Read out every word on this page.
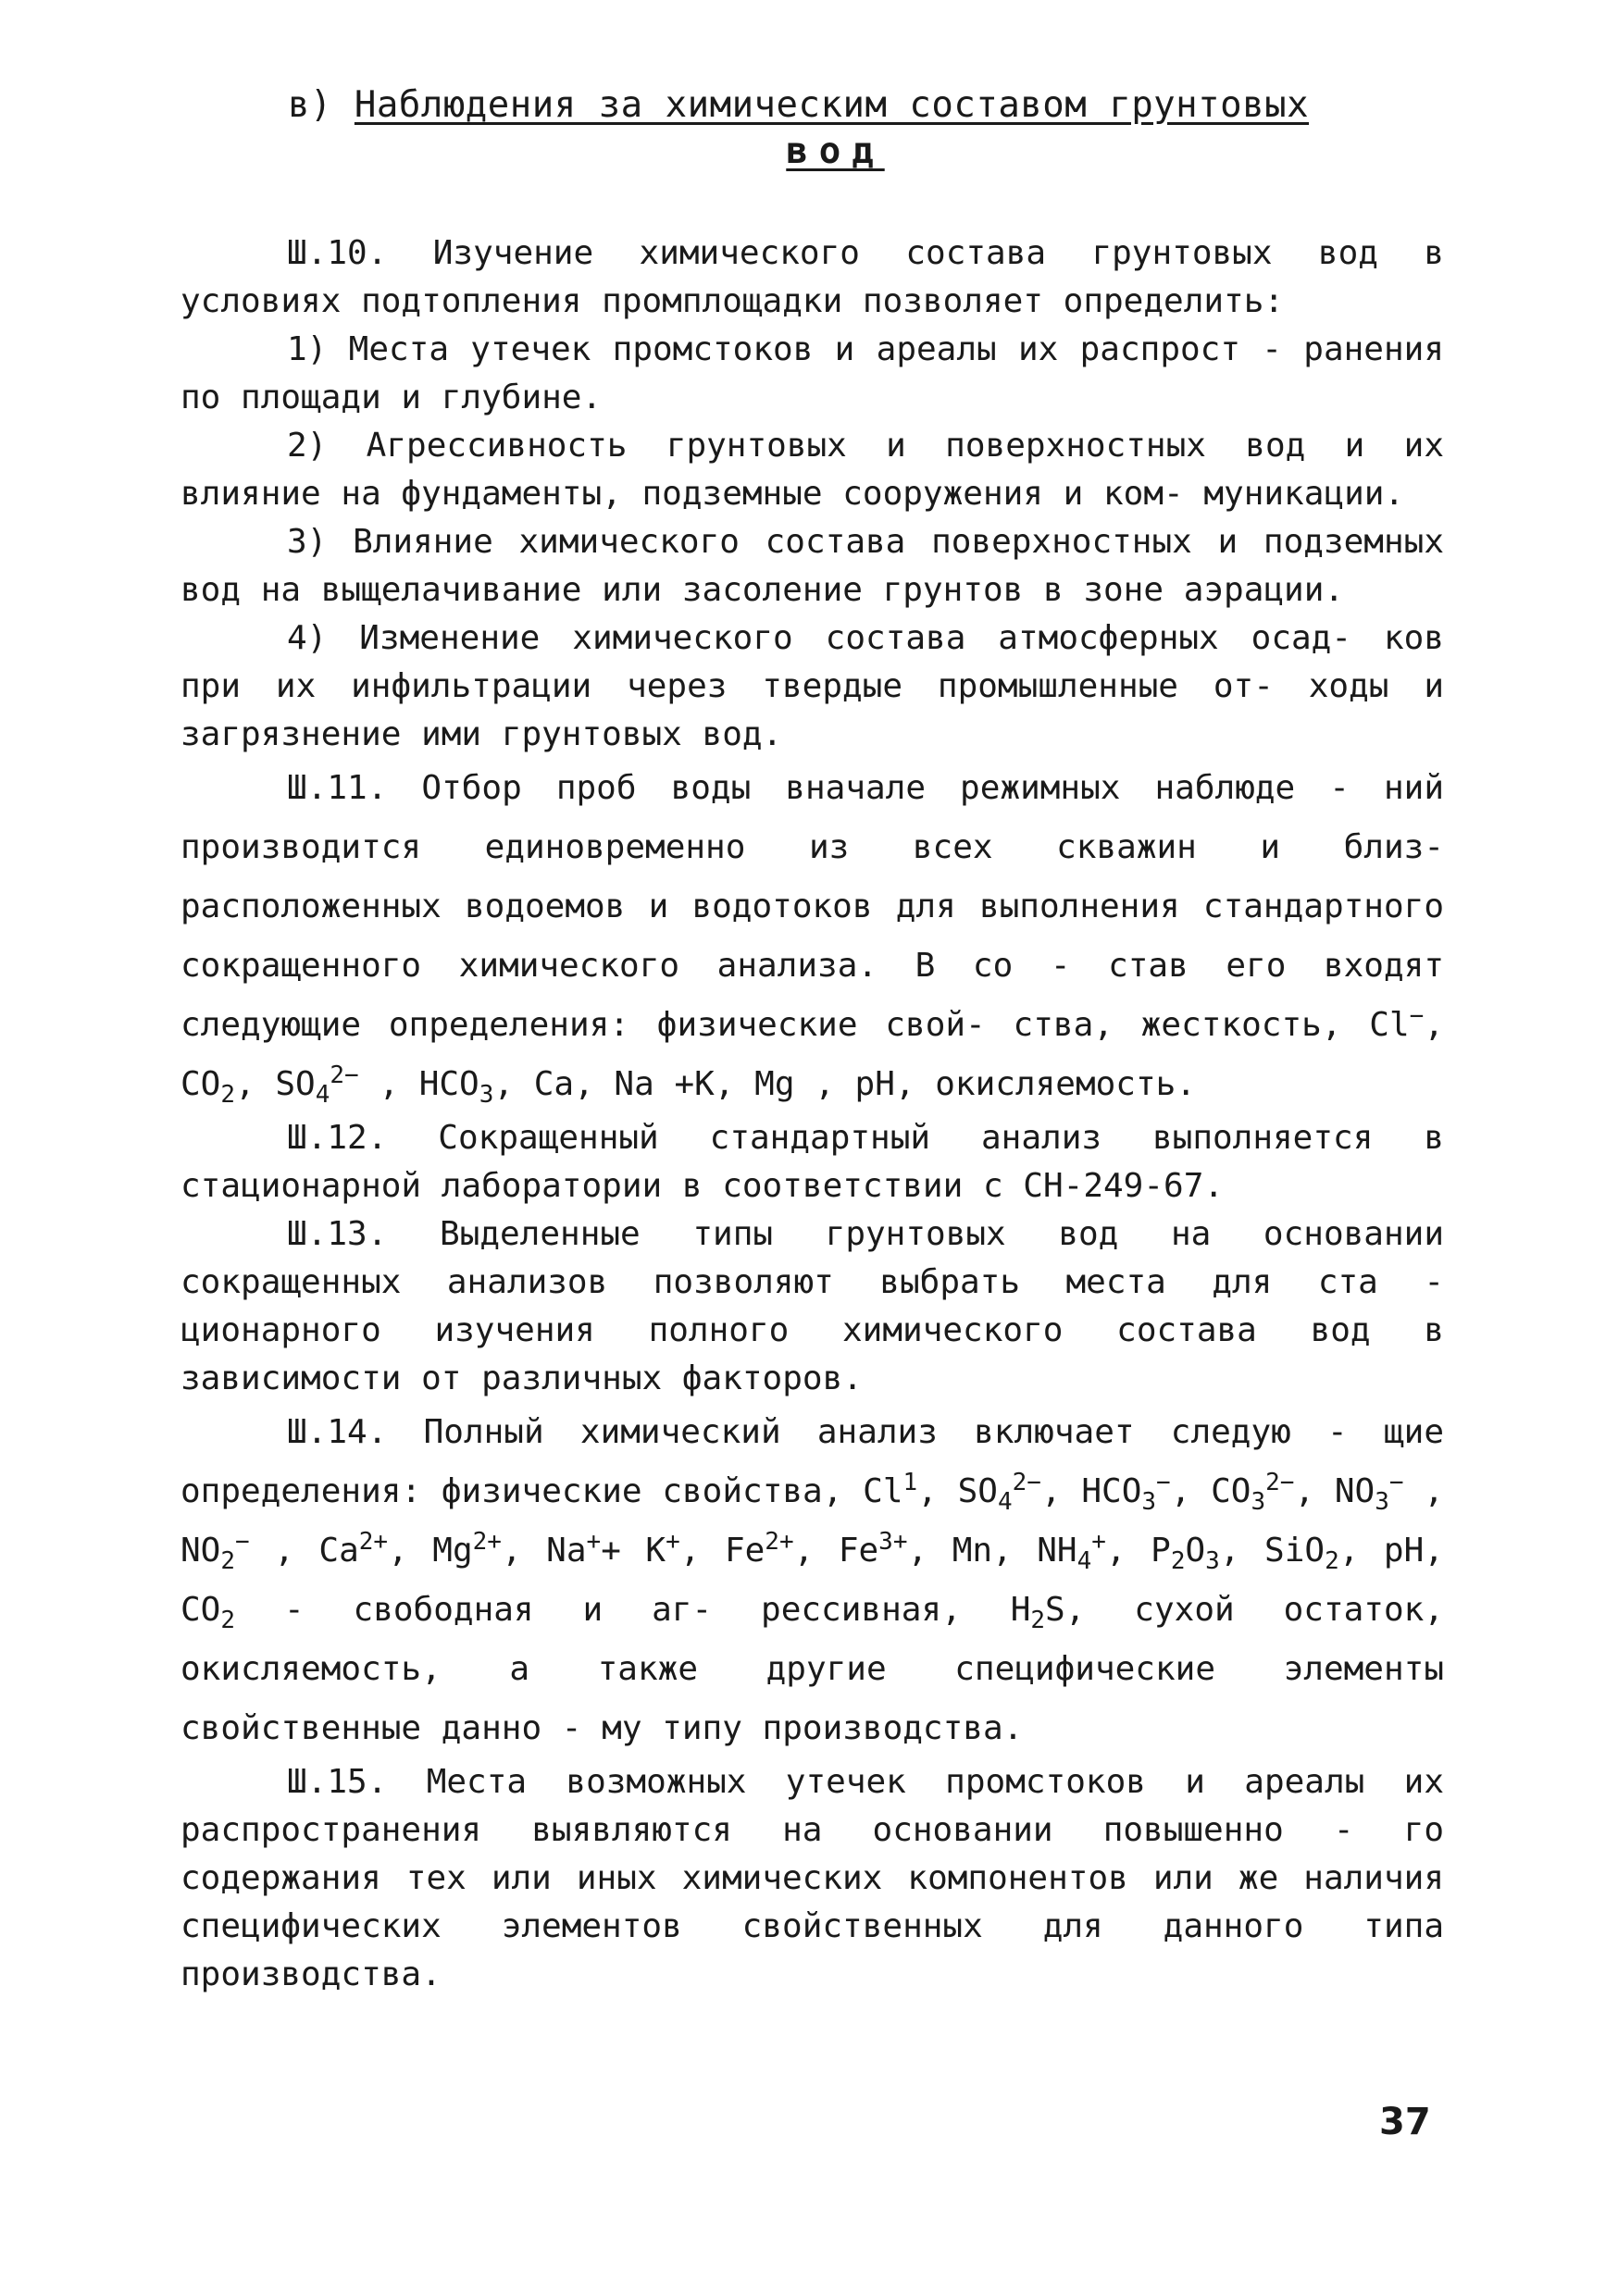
в) Наблюдения за химическим составом грунтовых
вод

Ш.10. Изучение химического состава грунтовых вод в условиях подтопления промплощадки позволяет определить:

1) Места утечек промстоков и ареалы их распрост - ранения по площади и глубине.

2) Агрессивность грунтовых и поверхностных вод и их влияние на фундаменты, подземные сооружения и ком- муникации.

3) Влияние химического состава поверхностных и подземных вод на выщелачивание или засоление грунтов в зоне аэрации.

4) Изменение химического состава атмосферных осад- ков при их инфильтрации через твердые промышленные от- ходы и загрязнение ими грунтовых вод.

Ш.11. Отбор проб воды вначале режимных наблюде - ний производится единовременно из всех скважин и близ- расположенных водоемов и водотоков для выполнения стандартного сокращенного химического анализа. В со - став его входят следующие определения: физические свой- ства, жесткость, Cl−, $CO_2$, $SO_4^{2-}$ , $HCO_3$, Ca, Na +K, Mg , рН, окисляемость.

Ш.12. Сокращенный стандартный анализ выполняется в стационарной лаборатории в соответствии с СН-249-67.

Ш.13. Выделенные типы грунтовых вод на основании сокращенных анализов позволяют выбрать места для ста - ционарного изучения полного химического состава вод в зависимости от различных факторов.

Ш.14. Полный химический анализ включает следую - щие определения: физические свойства, Cl$^1$, $SO_4^{2-}$, $HCO_3^-$, $CO_3^{2-}$, $NO_3^-$ , $NO_2^-$ , $Ca^{2+}$, $Mg^{2+}$, Na++ K+, $Fe^{2+}$, $Fe^{3+}$, Mn, $NH_4^+$, $P_2O_3$, SiO$_2$, pH, $CO_2$ - свободная и аг- рессивная, $H_2S$, сухой остаток, окисляемость, а также другие специфические элементы свойственные данно - му типу производства.

Ш.15. Места возможных утечек промстоков и ареалы их распространения выявляются на основании повышенно - го содержания тех или иных химических компонентов или же наличия специфических элементов свойственных для данного типа производства.

37
